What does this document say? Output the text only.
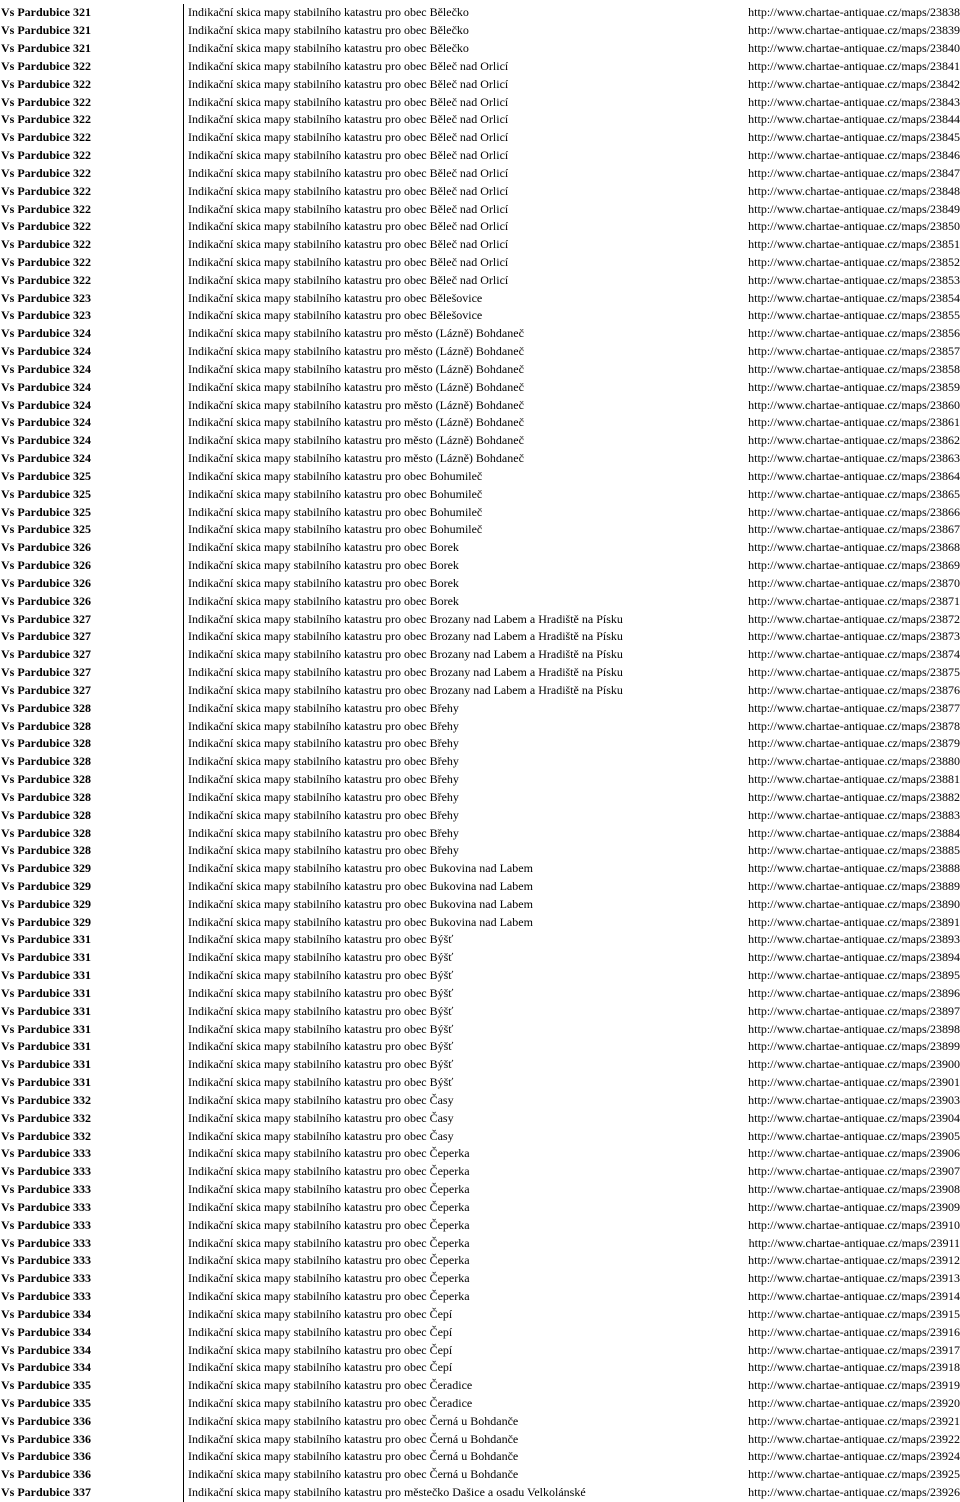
Vs Pardubice 321	Indikační skica mapy stabilního katastru pro obec Bělečko	http://www.chartae-antiquae.cz/maps/23838
Vs Pardubice 321	Indikační skica mapy stabilního katastru pro obec Bělečko	http://www.chartae-antiquae.cz/maps/23839
Vs Pardubice 321	Indikační skica mapy stabilního katastru pro obec Bělečko	http://www.chartae-antiquae.cz/maps/23840
Vs Pardubice 322	Indikační skica mapy stabilního katastru pro obec Běleč nad Orlicí	http://www.chartae-antiquae.cz/maps/23841
Vs Pardubice 322	Indikační skica mapy stabilního katastru pro obec Běleč nad Orlicí	http://www.chartae-antiquae.cz/maps/23842
Vs Pardubice 322	Indikační skica mapy stabilního katastru pro obec Běleč nad Orlicí	http://www.chartae-antiquae.cz/maps/23843
Vs Pardubice 322	Indikační skica mapy stabilního katastru pro obec Běleč nad Orlicí	http://www.chartae-antiquae.cz/maps/23844
Vs Pardubice 322	Indikační skica mapy stabilního katastru pro obec Běleč nad Orlicí	http://www.chartae-antiquae.cz/maps/23845
Vs Pardubice 322	Indikační skica mapy stabilního katastru pro obec Běleč nad Orlicí	http://www.chartae-antiquae.cz/maps/23846
Vs Pardubice 322	Indikační skica mapy stabilního katastru pro obec Běleč nad Orlicí	http://www.chartae-antiquae.cz/maps/23847
Vs Pardubice 322	Indikační skica mapy stabilního katastru pro obec Běleč nad Orlicí	http://www.chartae-antiquae.cz/maps/23848
Vs Pardubice 322	Indikační skica mapy stabilního katastru pro obec Běleč nad Orlicí	http://www.chartae-antiquae.cz/maps/23849
Vs Pardubice 322	Indikační skica mapy stabilního katastru pro obec Běleč nad Orlicí	http://www.chartae-antiquae.cz/maps/23850
Vs Pardubice 322	Indikační skica mapy stabilního katastru pro obec Běleč nad Orlicí	http://www.chartae-antiquae.cz/maps/23851
Vs Pardubice 322	Indikační skica mapy stabilního katastru pro obec Běleč nad Orlicí	http://www.chartae-antiquae.cz/maps/23852
Vs Pardubice 322	Indikační skica mapy stabilního katastru pro obec Běleč nad Orlicí	http://www.chartae-antiquae.cz/maps/23853
Vs Pardubice 323	Indikační skica mapy stabilního katastru pro obec Bělešovice	http://www.chartae-antiquae.cz/maps/23854
Vs Pardubice 323	Indikační skica mapy stabilního katastru pro obec Bělešovice	http://www.chartae-antiquae.cz/maps/23855
Vs Pardubice 324	Indikační skica mapy stabilního katastru pro město (Lázně) Bohdaneč	http://www.chartae-antiquae.cz/maps/23856
Vs Pardubice 324	Indikační skica mapy stabilního katastru pro město (Lázně) Bohdaneč	http://www.chartae-antiquae.cz/maps/23857
Vs Pardubice 324	Indikační skica mapy stabilního katastru pro město (Lázně) Bohdaneč	http://www.chartae-antiquae.cz/maps/23858
Vs Pardubice 324	Indikační skica mapy stabilního katastru pro město (Lázně) Bohdaneč	http://www.chartae-antiquae.cz/maps/23859
Vs Pardubice 324	Indikační skica mapy stabilního katastru pro město (Lázně) Bohdaneč	http://www.chartae-antiquae.cz/maps/23860
Vs Pardubice 324	Indikační skica mapy stabilního katastru pro město (Lázně) Bohdaneč	http://www.chartae-antiquae.cz/maps/23861
Vs Pardubice 324	Indikační skica mapy stabilního katastru pro město (Lázně) Bohdaneč	http://www.chartae-antiquae.cz/maps/23862
Vs Pardubice 324	Indikační skica mapy stabilního katastru pro město (Lázně) Bohdaneč	http://www.chartae-antiquae.cz/maps/23863
Vs Pardubice 325	Indikační skica mapy stabilního katastru pro obec Bohumileč	http://www.chartae-antiquae.cz/maps/23864
Vs Pardubice 325	Indikační skica mapy stabilního katastru pro obec Bohumileč	http://www.chartae-antiquae.cz/maps/23865
Vs Pardubice 325	Indikační skica mapy stabilního katastru pro obec Bohumileč	http://www.chartae-antiquae.cz/maps/23866
Vs Pardubice 325	Indikační skica mapy stabilního katastru pro obec Bohumileč	http://www.chartae-antiquae.cz/maps/23867
Vs Pardubice 326	Indikační skica mapy stabilního katastru pro obec Borek	http://www.chartae-antiquae.cz/maps/23868
Vs Pardubice 326	Indikační skica mapy stabilního katastru pro obec Borek	http://www.chartae-antiquae.cz/maps/23869
Vs Pardubice 326	Indikační skica mapy stabilního katastru pro obec Borek	http://www.chartae-antiquae.cz/maps/23870
Vs Pardubice 326	Indikační skica mapy stabilního katastru pro obec Borek	http://www.chartae-antiquae.cz/maps/23871
Vs Pardubice 327	Indikační skica mapy stabilního katastru pro obec Brozany nad Labem a Hradiště na Písku	http://www.chartae-antiquae.cz/maps/23872
Vs Pardubice 327	Indikační skica mapy stabilního katastru pro obec Brozany nad Labem a Hradiště na Písku	http://www.chartae-antiquae.cz/maps/23873
Vs Pardubice 327	Indikační skica mapy stabilního katastru pro obec Brozany nad Labem a Hradiště na Písku	http://www.chartae-antiquae.cz/maps/23874
Vs Pardubice 327	Indikační skica mapy stabilního katastru pro obec Brozany nad Labem a Hradiště na Písku	http://www.chartae-antiquae.cz/maps/23875
Vs Pardubice 327	Indikační skica mapy stabilního katastru pro obec Brozany nad Labem a Hradiště na Písku	http://www.chartae-antiquae.cz/maps/23876
Vs Pardubice 328	Indikační skica mapy stabilního katastru pro obec Břehy	http://www.chartae-antiquae.cz/maps/23877
Vs Pardubice 328	Indikační skica mapy stabilního katastru pro obec Břehy	http://www.chartae-antiquae.cz/maps/23878
Vs Pardubice 328	Indikační skica mapy stabilního katastru pro obec Břehy	http://www.chartae-antiquae.cz/maps/23879
Vs Pardubice 328	Indikační skica mapy stabilního katastru pro obec Břehy	http://www.chartae-antiquae.cz/maps/23880
Vs Pardubice 328	Indikační skica mapy stabilního katastru pro obec Břehy	http://www.chartae-antiquae.cz/maps/23881
Vs Pardubice 328	Indikační skica mapy stabilního katastru pro obec Břehy	http://www.chartae-antiquae.cz/maps/23882
Vs Pardubice 328	Indikační skica mapy stabilního katastru pro obec Břehy	http://www.chartae-antiquae.cz/maps/23883
Vs Pardubice 328	Indikační skica mapy stabilního katastru pro obec Břehy	http://www.chartae-antiquae.cz/maps/23884
Vs Pardubice 328	Indikační skica mapy stabilního katastru pro obec Břehy	http://www.chartae-antiquae.cz/maps/23885
Vs Pardubice 329	Indikační skica mapy stabilního katastru pro obec Bukovina nad Labem	http://www.chartae-antiquae.cz/maps/23888
Vs Pardubice 329	Indikační skica mapy stabilního katastru pro obec Bukovina nad Labem	http://www.chartae-antiquae.cz/maps/23889
Vs Pardubice 329	Indikační skica mapy stabilního katastru pro obec Bukovina nad Labem	http://www.chartae-antiquae.cz/maps/23890
Vs Pardubice 329	Indikační skica mapy stabilního katastru pro obec Bukovina nad Labem	http://www.chartae-antiquae.cz/maps/23891
Vs Pardubice 331	Indikační skica mapy stabilního katastru pro obec Býšť	http://www.chartae-antiquae.cz/maps/23893
Vs Pardubice 331	Indikační skica mapy stabilního katastru pro obec Býšť	http://www.chartae-antiquae.cz/maps/23894
Vs Pardubice 331	Indikační skica mapy stabilního katastru pro obec Býšť	http://www.chartae-antiquae.cz/maps/23895
Vs Pardubice 331	Indikační skica mapy stabilního katastru pro obec Býšť	http://www.chartae-antiquae.cz/maps/23896
Vs Pardubice 331	Indikační skica mapy stabilního katastru pro obec Býšť	http://www.chartae-antiquae.cz/maps/23897
Vs Pardubice 331	Indikační skica mapy stabilního katastru pro obec Býšť	http://www.chartae-antiquae.cz/maps/23898
Vs Pardubice 331	Indikační skica mapy stabilního katastru pro obec Býšť	http://www.chartae-antiquae.cz/maps/23899
Vs Pardubice 331	Indikační skica mapy stabilního katastru pro obec Býšť	http://www.chartae-antiquae.cz/maps/23900
Vs Pardubice 331	Indikační skica mapy stabilního katastru pro obec Býšť	http://www.chartae-antiquae.cz/maps/23901
Vs Pardubice 332	Indikační skica mapy stabilního katastru pro obec Časy	http://www.chartae-antiquae.cz/maps/23903
Vs Pardubice 332	Indikační skica mapy stabilního katastru pro obec Časy	http://www.chartae-antiquae.cz/maps/23904
Vs Pardubice 332	Indikační skica mapy stabilního katastru pro obec Časy	http://www.chartae-antiquae.cz/maps/23905
Vs Pardubice 333	Indikační skica mapy stabilního katastru pro obec Čeperka	http://www.chartae-antiquae.cz/maps/23906
Vs Pardubice 333	Indikační skica mapy stabilního katastru pro obec Čeperka	http://www.chartae-antiquae.cz/maps/23907
Vs Pardubice 333	Indikační skica mapy stabilního katastru pro obec Čeperka	http://www.chartae-antiquae.cz/maps/23908
Vs Pardubice 333	Indikační skica mapy stabilního katastru pro obec Čeperka	http://www.chartae-antiquae.cz/maps/23909
Vs Pardubice 333	Indikační skica mapy stabilního katastru pro obec Čeperka	http://www.chartae-antiquae.cz/maps/23910
Vs Pardubice 333	Indikační skica mapy stabilního katastru pro obec Čeperka	http://www.chartae-antiquae.cz/maps/23911
Vs Pardubice 333	Indikační skica mapy stabilního katastru pro obec Čeperka	http://www.chartae-antiquae.cz/maps/23912
Vs Pardubice 333	Indikační skica mapy stabilního katastru pro obec Čeperka	http://www.chartae-antiquae.cz/maps/23913
Vs Pardubice 333	Indikační skica mapy stabilního katastru pro obec Čeperka	http://www.chartae-antiquae.cz/maps/23914
Vs Pardubice 334	Indikační skica mapy stabilního katastru pro obec Čepí	http://www.chartae-antiquae.cz/maps/23915
Vs Pardubice 334	Indikační skica mapy stabilního katastru pro obec Čepí	http://www.chartae-antiquae.cz/maps/23916
Vs Pardubice 334	Indikační skica mapy stabilního katastru pro obec Čepí	http://www.chartae-antiquae.cz/maps/23917
Vs Pardubice 334	Indikační skica mapy stabilního katastru pro obec Čepí	http://www.chartae-antiquae.cz/maps/23918
Vs Pardubice 335	Indikační skica mapy stabilního katastru pro obec Čeradice	http://www.chartae-antiquae.cz/maps/23919
Vs Pardubice 335	Indikační skica mapy stabilního katastru pro obec Čeradice	http://www.chartae-antiquae.cz/maps/23920
Vs Pardubice 336	Indikační skica mapy stabilního katastru pro obec Černá u Bohdanče	http://www.chartae-antiquae.cz/maps/23921
Vs Pardubice 336	Indikační skica mapy stabilního katastru pro obec Černá u Bohdanče	http://www.chartae-antiquae.cz/maps/23922
Vs Pardubice 336	Indikační skica mapy stabilního katastru pro obec Černá u Bohdanče	http://www.chartae-antiquae.cz/maps/23924
Vs Pardubice 336	Indikační skica mapy stabilního katastru pro obec Černá u Bohdanče	http://www.chartae-antiquae.cz/maps/23925
Vs Pardubice 337	Indikační skica mapy stabilního katastru pro městečko Dašice a osadu Velkolánské	http://www.chartae-antiquae.cz/maps/23926
